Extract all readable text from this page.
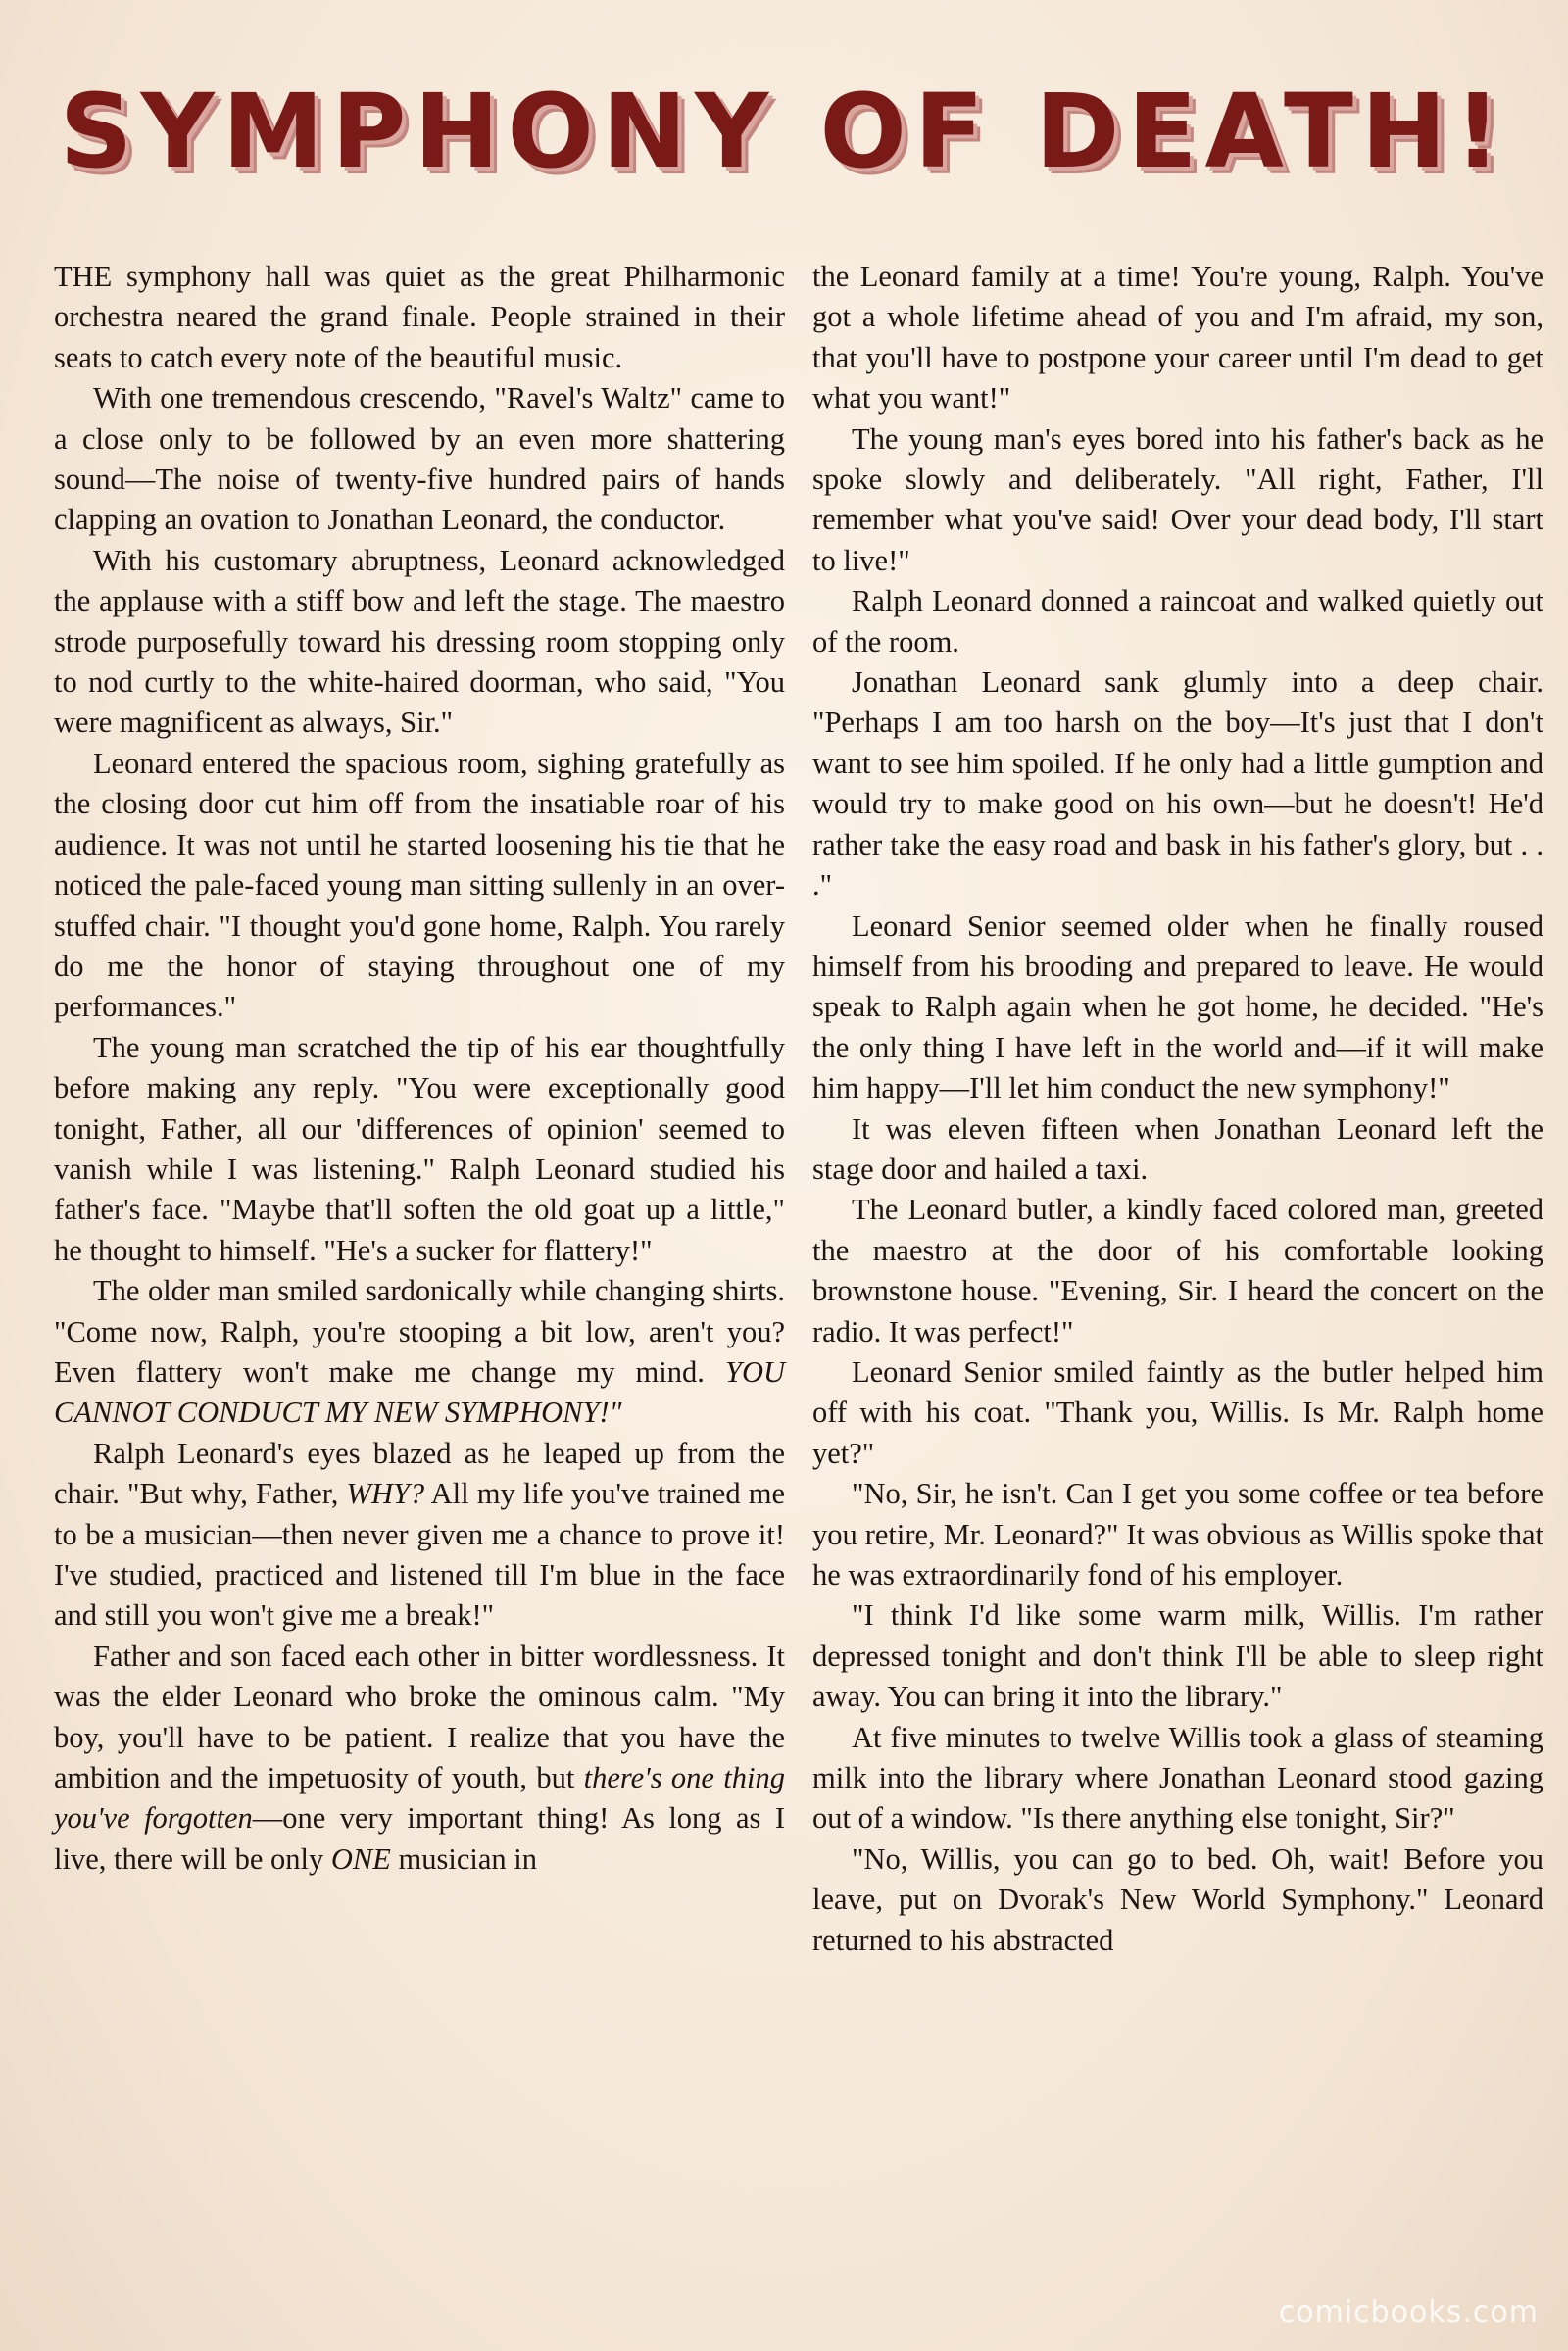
SYMPHONY OF DEATH!

THE symphony hall was quiet as the great Philharmonic orchestra neared the grand finale. People strained in their seats to catch every note of the beautiful music.

With one tremendous crescendo, "Ravel's Waltz" came to a close only to be followed by an even more shattering sound—The noise of twenty-five hundred pairs of hands clapping an ovation to Jonathan Leonard, the conductor.

With his customary abruptness, Leonard acknowledged the applause with a stiff bow and left the stage. The maestro strode purposefully toward his dressing room stopping only to nod curtly to the white-haired doorman, who said, "You were magnificent as always, Sir."

Leonard entered the spacious room, sighing gratefully as the closing door cut him off from the insatiable roar of his audience. It was not until he started loosening his tie that he noticed the pale-faced young man sitting sullenly in an over-stuffed chair. "I thought you'd gone home, Ralph. You rarely do me the honor of staying throughout one of my performances."

The young man scratched the tip of his ear thoughtfully before making any reply. "You were exceptionally good tonight, Father, all our 'differences of opinion' seemed to vanish while I was listening." Ralph Leonard studied his father's face. "Maybe that'll soften the old goat up a little," he thought to himself. "He's a sucker for flattery!"

The older man smiled sardonically while changing shirts. "Come now, Ralph, you're stooping a bit low, aren't you? Even flattery won't make me change my mind. YOU CANNOT CONDUCT MY NEW SYMPHONY!"

Ralph Leonard's eyes blazed as he leaped up from the chair. "But why, Father, WHY? All my life you've trained me to be a musician—then never given me a chance to prove it! I've studied, practiced and listened till I'm blue in the face and still you won't give me a break!"

Father and son faced each other in bitter wordlessness. It was the elder Leonard who broke the ominous calm. "My boy, you'll have to be patient. I realize that you have the ambition and the impetuosity of youth, but there's one thing you've forgotten—one very important thing! As long as I live, there will be only ONE musician in

the Leonard family at a time! You're young, Ralph. You've got a whole lifetime ahead of you and I'm afraid, my son, that you'll have to postpone your career until I'm dead to get what you want!"

The young man's eyes bored into his father's back as he spoke slowly and deliberately. "All right, Father, I'll remember what you've said! Over your dead body, I'll start to live!"

Ralph Leonard donned a raincoat and walked quietly out of the room.

Jonathan Leonard sank glumly into a deep chair. "Perhaps I am too harsh on the boy—It's just that I don't want to see him spoiled. If he only had a little gumption and would try to make good on his own—but he doesn't! He'd rather take the easy road and bask in his father's glory, but . . ."

Leonard Senior seemed older when he finally roused himself from his brooding and prepared to leave. He would speak to Ralph again when he got home, he decided. "He's the only thing I have left in the world and—if it will make him happy—I'll let him conduct the new symphony!"

It was eleven fifteen when Jonathan Leonard left the stage door and hailed a taxi.

The Leonard butler, a kindly faced colored man, greeted the maestro at the door of his comfortable looking brownstone house. "Evening, Sir. I heard the concert on the radio. It was perfect!"

Leonard Senior smiled faintly as the butler helped him off with his coat. "Thank you, Willis. Is Mr. Ralph home yet?"

"No, Sir, he isn't. Can I get you some coffee or tea before you retire, Mr. Leonard?" It was obvious as Willis spoke that he was extraordinarily fond of his employer.

"I think I'd like some warm milk, Willis. I'm rather depressed tonight and don't think I'll be able to sleep right away. You can bring it into the library."

At five minutes to twelve Willis took a glass of steaming milk into the library where Jonathan Leonard stood gazing out of a window. "Is there anything else tonight, Sir?"

"No, Willis, you can go to bed. Oh, wait! Before you leave, put on Dvorak's New World Symphony." Leonard returned to his abstracted

comicbooks.com
